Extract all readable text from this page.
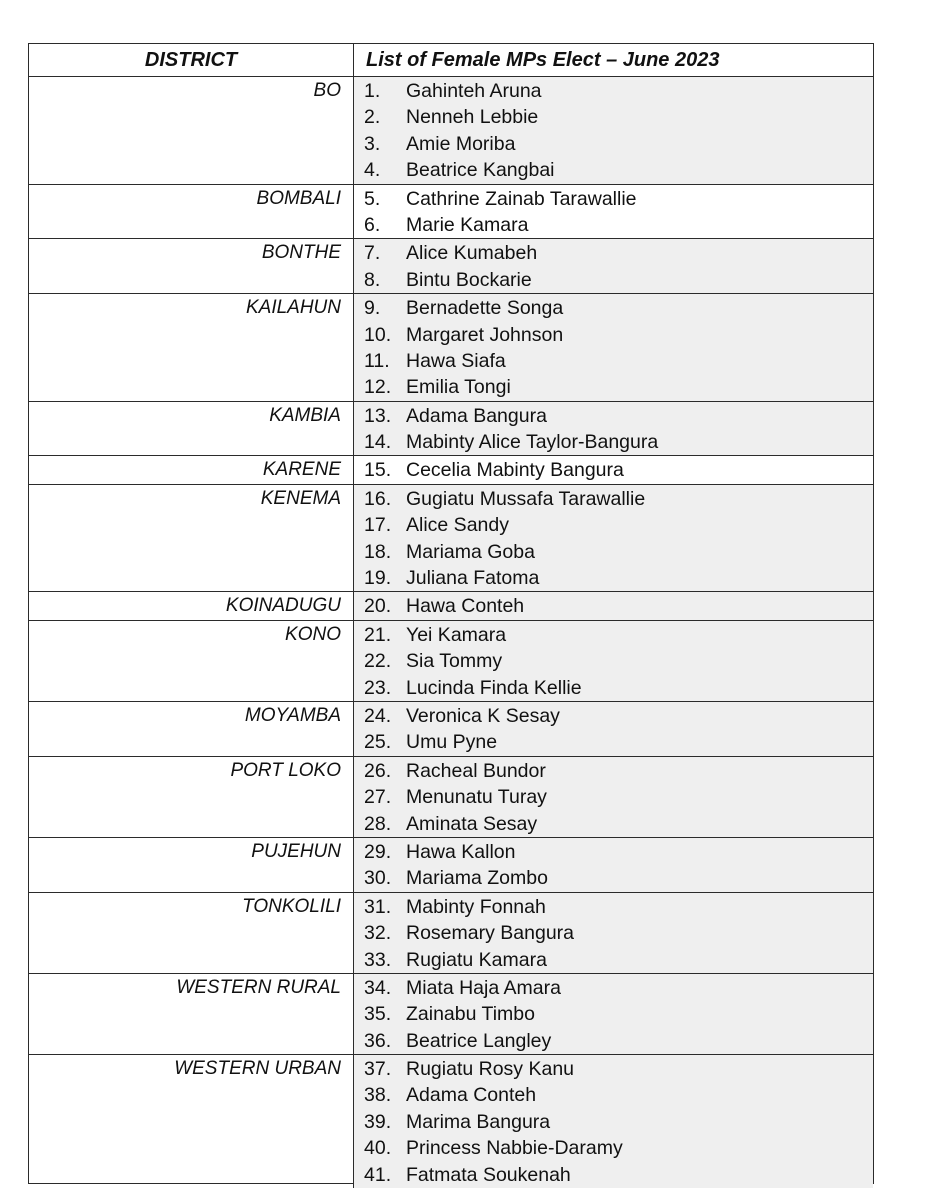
DISTRICT	List of Female MPs Elect – June 2023
BO	1.	Gahinteh Aruna
2.	Nenneh Lebbie
3.	Amie Moriba
4.	Beatrice Kangbai
BOMBALI	5.	Cathrine Zainab Tarawallie
6.	Marie Kamara
BONTHE	7.	Alice Kumabeh
8.	Bintu Bockarie
KAILAHUN	9.	Bernadette Songa
10. Margaret Johnson
11. Hawa Siafa
12. Emilia Tongi
KAMBIA	13. Adama Bangura
14. Mabinty Alice Taylor-Bangura
KARENE	15. Cecelia Mabinty Bangura
KENEMA	16. Gugiatu Mussafa Tarawallie
17. Alice Sandy
18. Mariama Goba
19. Juliana Fatoma
KOINADUGU	20. Hawa Conteh
KONO	21. Yei Kamara
22. Sia Tommy
23. Lucinda Finda Kellie
MOYAMBA	24. Veronica K Sesay
25. Umu Pyne
PORT LOKO	26. Racheal Bundor
27. Menunatu Turay
28. Aminata Sesay
PUJEHUN	29. Hawa Kallon
30. Mariama Zombo
TONKOLILI	31. Mabinty Fonnah
32. Rosemary Bangura
33. Rugiatu Kamara
WESTERN RURAL	34. Miata Haja Amara
35. Zainabu Timbo
36. Beatrice Langley
WESTERN URBAN	37. Rugiatu Rosy Kanu
38. Adama Conteh
39. Marima Bangura
40. Princess Nabbie-Daramy
41. Fatmata Soukenah
